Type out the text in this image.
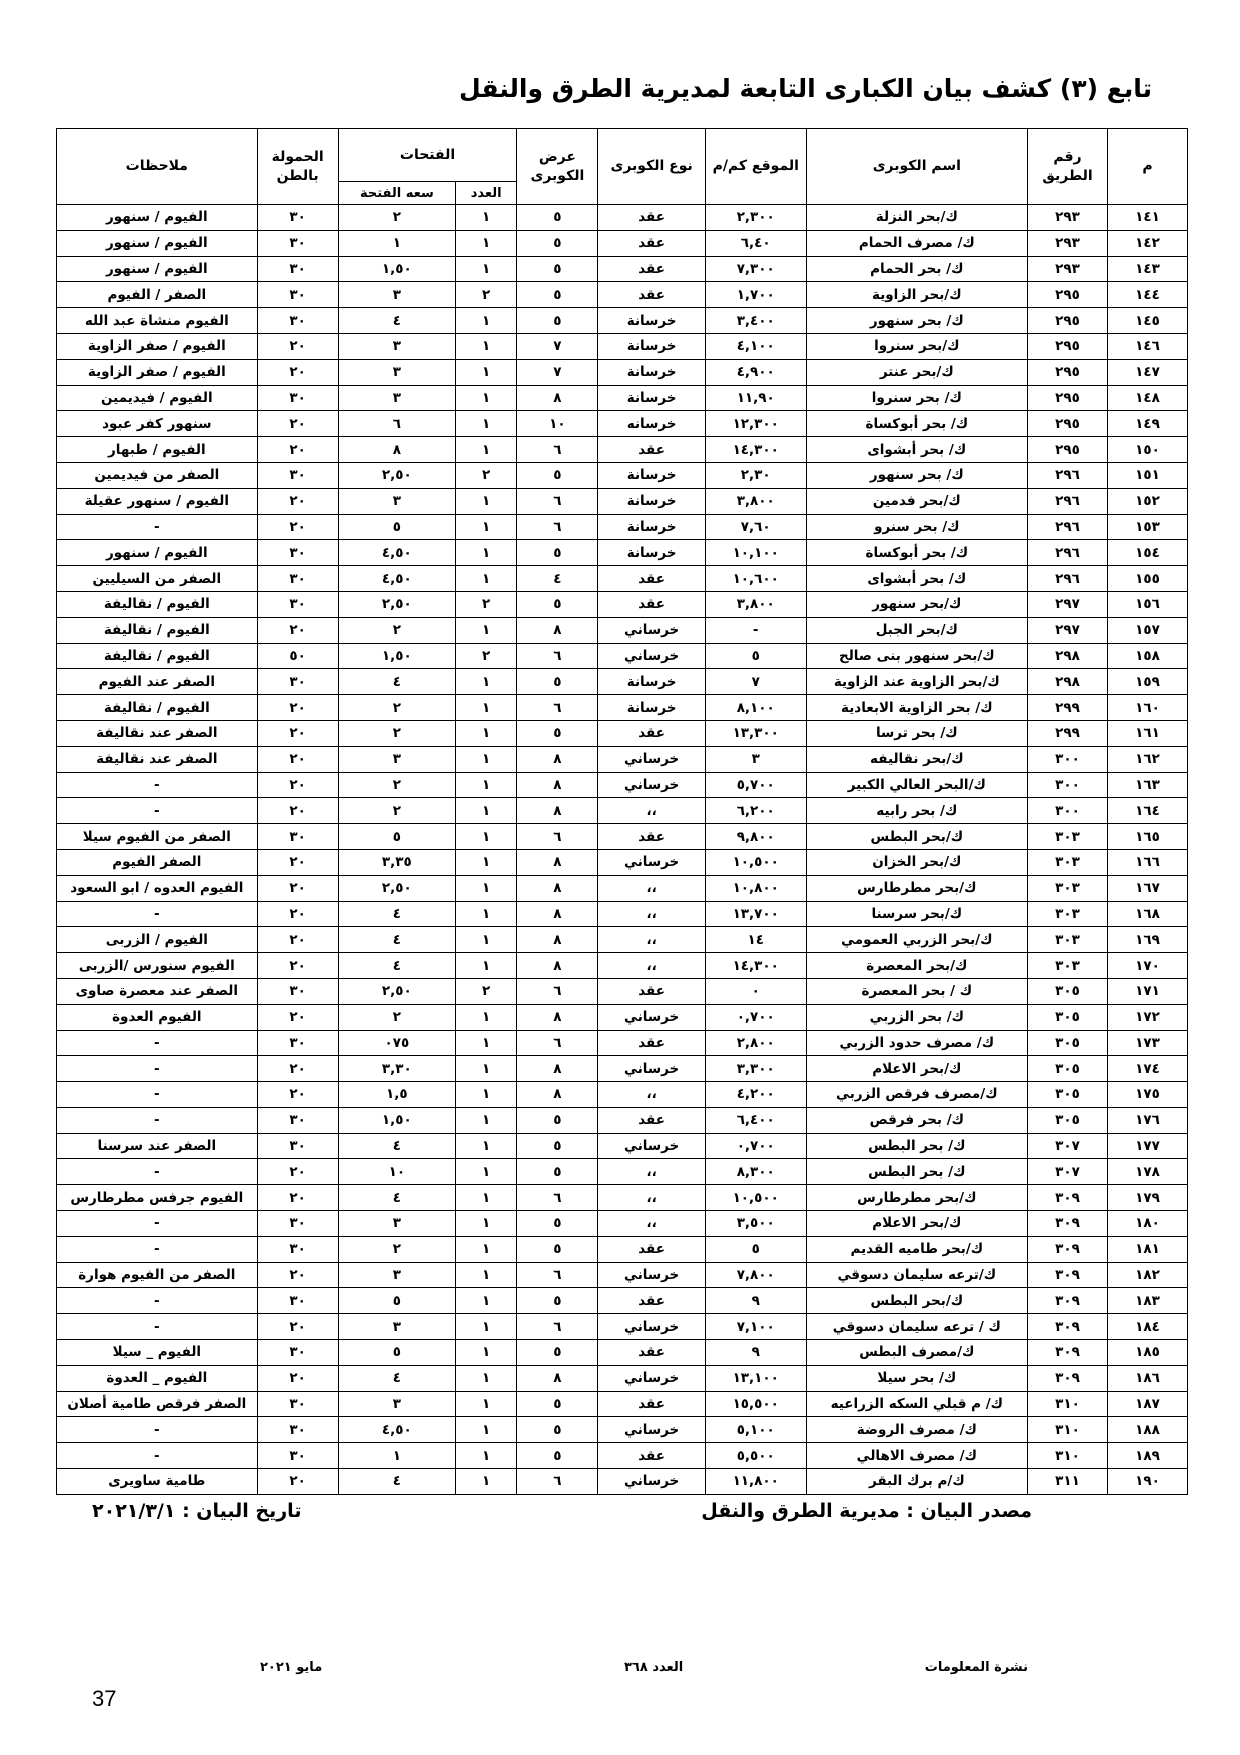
تابع (٣) كشف بيان الكبارى التابعة لمديرية الطرق والنقل
م	رقم الطريق	اسم الكوبرى	الموقع كم/م	نوع الكوبرى	عرض الكوبرى	الفتحات		الحمولة بالطن	ملاحظات
						العدد	سعه الفتحة		
١٤١	٢٩٣	ك/بحر النزلة	٢,٣٠٠	عقد	٥	١	٢	٣٠	الفيوم / سنهور
١٤٢	٢٩٣	ك/ مصرف الحمام	٦,٤٠	عقد	٥	١	١	٣٠	الفيوم / سنهور
١٤٣	٢٩٣	ك/ بحر الحمام	٧,٣٠٠	عقد	٥	١	١,٥٠	٣٠	الفيوم / سنهور
١٤٤	٢٩٥	ك/بحر الزاوية	١,٧٠٠	عقد	٥	٢	٣	٣٠	الصفر / الفيوم
١٤٥	٢٩٥	ك/ بحر سنهور	٣,٤٠٠	خرسانة	٥	١	٤	٣٠	الفيوم منشاة عبد الله
١٤٦	٢٩٥	ك/بحر سنروا	٤,١٠٠	خرسانة	٧	١	٣	٢٠	الفيوم / صفر الزاوية
١٤٧	٢٩٥	ك/بحر عنتر	٤,٩٠٠	خرسانة	٧	١	٣	٢٠	الفيوم / صفر الزاوية
١٤٨	٢٩٥	ك/ بحر سنروا	١١,٩٠	خرسانة	٨	١	٣	٣٠	الفيوم / فيديمين
١٤٩	٢٩٥	ك/ بحر أبوكساة	١٢,٣٠٠	خرسانه	١٠	١	٦	٢٠	سنهور كفر عبود
١٥٠	٢٩٥	ك/ بحر أبشواى	١٤,٣٠٠	عقد	٦	١	٨	٢٠	الفيوم / طبهار
١٥١	٢٩٦	ك/ بحر سنهور	٢,٣٠	خرسانة	٥	٢	٢,٥٠	٣٠	الصفر من فيديمين
١٥٢	٢٩٦	ك/بحر فدمين	٣,٨٠٠	خرسانة	٦	١	٣	٢٠	الفيوم / سنهور عقيلة
١٥٣	٢٩٦	ك/ بحر سنرو	٧,٦٠	خرسانة	٦	١	٥	٢٠	-
١٥٤	٢٩٦	ك/ بحر أبوكساة	١٠,١٠٠	خرسانة	٥	١	٤,٥٠	٣٠	الفيوم / سنهور
١٥٥	٢٩٦	ك/ بحر أبشواى	١٠,٦٠٠	عقد	٤	١	٤,٥٠	٣٠	الصفر من السيليين
١٥٦	٢٩٧	ك/بحر سنهور	٣,٨٠٠	عقد	٥	٢	٢,٥٠	٣٠	الفيوم / نقاليفة
١٥٧	٢٩٧	ك/بحر الجبل	-	خرساني	٨	١	٢	٢٠	الفيوم / نقاليفة
١٥٨	٢٩٨	ك/بحر سنهور بنى صالح	٥	خرساني	٦	٢	١,٥٠	٥٠	الفيوم / نقاليفة
١٥٩	٢٩٨	ك/بحر الزاوية عند الزاوية	٧	خرسانة	٥	١	٤	٣٠	الصفر عند الفيوم
١٦٠	٢٩٩	ك/ بحر الزاوية الابعادية	٨,١٠٠	خرسانة	٦	١	٢	٢٠	الفيوم / نقاليفة
١٦١	٢٩٩	ك/ بحر ترسا	١٣,٣٠٠	عقد	٥	١	٢	٢٠	الصفر عند نقاليفة
١٦٢	٣٠٠	ك/بحر نقاليفه	٣	خرساني	٨	١	٣	٢٠	الصفر عند نقاليفة
١٦٣	٣٠٠	ك/البحر العالي الكبير	٥,٧٠٠	خرساني	٨	١	٢	٢٠	-
١٦٤	٣٠٠	ك/ بحر رابيه	٦,٢٠٠	،،	٨	١	٢	٢٠	-
١٦٥	٣٠٣	ك/بحر البطس	٩,٨٠٠	عقد	٦	١	٥	٣٠	الصفر من الفيوم سيلا
١٦٦	٣٠٣	ك/بحر الخزان	١٠,٥٠٠	خرساني	٨	١	٣,٣٥	٢٠	الصفر الفيوم
١٦٧	٣٠٣	ك/بحر مطرطارس	١٠,٨٠٠	،،	٨	١	٢,٥٠	٢٠	الفيوم العدوه / ابو السعود
١٦٨	٣٠٣	ك/بحر سرسنا	١٣,٧٠٠	،،	٨	١	٤	٢٠	-
١٦٩	٣٠٣	ك/بحر الزربي العمومي	١٤	،،	٨	١	٤	٢٠	الفيوم / الزربى
١٧٠	٣٠٣	ك/بحر المعصرة	١٤,٣٠٠	،،	٨	١	٤	٢٠	الفيوم سنورس /الزربى
١٧١	٣٠٥	ك / بحر المعصرة	٠	عقد	٦	٢	٢,٥٠	٣٠	الصفر عند معصرة صاوى
١٧٢	٣٠٥	ك/ بحر الزربي	٠,٧٠٠	خرساني	٨	١	٢	٢٠	الفيوم العدوة
١٧٣	٣٠٥	ك/ مصرف حدود الزربي	٢,٨٠٠	عقد	٦	١	٠٧٥	٣٠	-
١٧٤	٣٠٥	ك/بحر الاعلام	٣,٣٠٠	خرساني	٨	١	٣,٣٠	٢٠	-
١٧٥	٣٠٥	ك/مصرف فرقص الزربي	٤,٢٠٠	،،	٨	١	١,٥	٢٠	-
١٧٦	٣٠٥	ك/ بحر فرقص	٦,٤٠٠	عقد	٥	١	١,٥٠	٣٠	-
١٧٧	٣٠٧	ك/ بحر البطس	٠,٧٠٠	خرساني	٥	١	٤	٣٠	الصفر عند سرسنا
١٧٨	٣٠٧	ك/ بحر البطس	٨,٣٠٠	،،	٥	١	١٠	٢٠	-
١٧٩	٣٠٩	ك/بحر مطرطارس	١٠,٥٠٠	،،	٦	١	٤	٢٠	الفيوم جرفس مطرطارس
١٨٠	٣٠٩	ك/بحر الاعلام	٣,٥٠٠	،،	٥	١	٣	٣٠	-
١٨١	٣٠٩	ك/بحر طاميه القديم	٥	عقد	٥	١	٢	٣٠	-
١٨٢	٣٠٩	ك/ترعه سليمان دسوقي	٧,٨٠٠	خرساني	٦	١	٣	٢٠	الصفر من الفيوم هوارة
١٨٣	٣٠٩	ك/بحر البطس	٩	عقد	٥	١	٥	٣٠	-
١٨٤	٣٠٩	ك / ترعه سليمان دسوقي	٧,١٠٠	خرساني	٦	١	٣	٢٠	-
١٨٥	٣٠٩	ك/مصرف البطس	٩	عقد	٥	١	٥	٣٠	الفيوم _ سيلا
١٨٦	٣٠٩	ك/ بحر سيلا	١٣,١٠٠	خرساني	٨	١	٤	٢٠	الفيوم _ العدوة
١٨٧	٣١٠	ك/ م قبلي السكه الزراعيه	١٥,٥٠٠	عقد	٥	١	٣	٣٠	الصفر فرقص طامية أصلان
١٨٨	٣١٠	ك/ مصرف الروضة	٥,١٠٠	خرساني	٥	١	٤,٥٠	٣٠	-
١٨٩	٣١٠	ك/ مصرف الاهالي	٥,٥٠٠	عقد	٥	١	١	٣٠	-
١٩٠	٣١١	ك/م برك البقر	١١,٨٠٠	خرساني	٦	١	٤	٢٠	طامية ساويرى
مصدر البيان : مديرية الطرق والنقل
تاريخ البيان : ٢٠٢١/٣/١
نشرة المعلومات
العدد ٣٦٨
مايو ٢٠٢١
37
